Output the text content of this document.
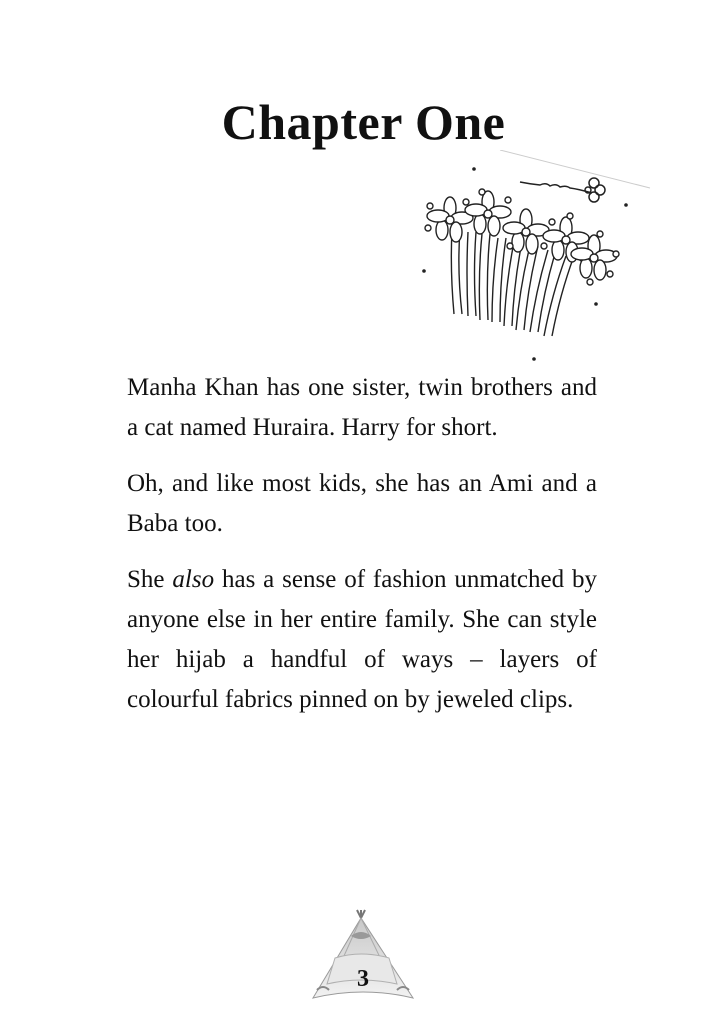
Chapter One

Manha Khan has one sister, twin brothers and a cat named Huraira. Harry for short.

Oh, and like most kids, she has an Ami and a Baba too.

She also has a sense of fashion unmatched by anyone else in her entire family. She can style her hijab a handful of ways – layers of colourful fabrics pinned on by jeweled clips.

3
